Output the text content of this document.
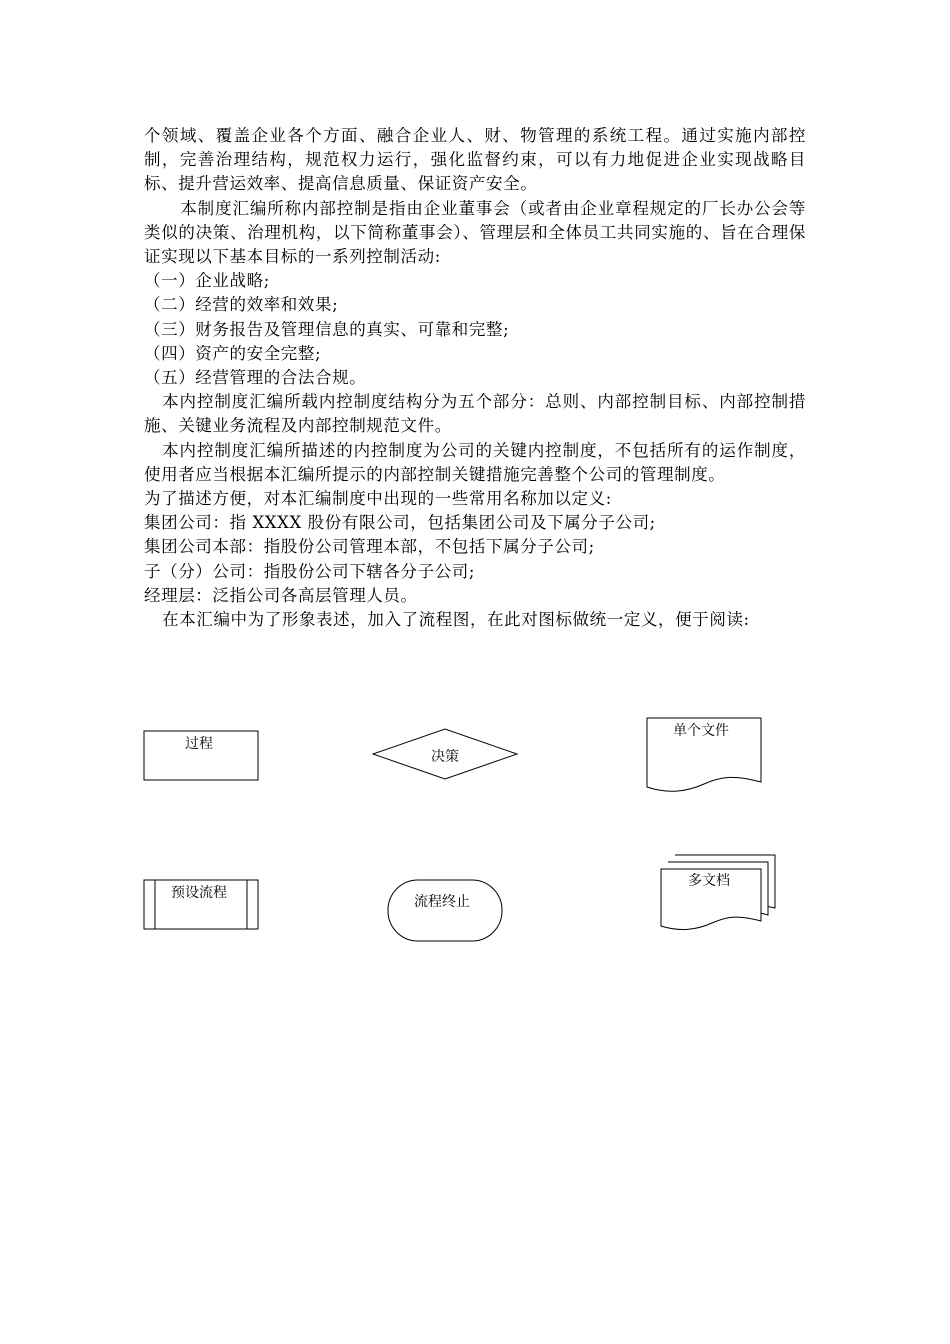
个领域、覆盖企业各个方面、融合企业人、财、物管理的系统工程。通过实施内部控制，完善治理结构，规范权力运行，强化监督约束，可以有力地促进企业实现战略目标、提升营运效率、提高信息质量、保证资产安全。

本制度汇编所称内部控制是指由企业董事会（或者由企业章程规定的厂长办公会等类似的决策、治理机构，以下简称董事会）、管理层和全体员工共同实施的、旨在合理保证实现以下基本目标的一系列控制活动:

（一）企业战略;

（二）经营的效率和效果;

（三）财务报告及管理信息的真实、可靠和完整;

（四）资产的安全完整;

（五）经营管理的合法合规。

本内控制度汇编所载内控制度结构分为五个部分：总则、内部控制目标、内部控制措施、关键业务流程及内部控制规范文件。

本内控制度汇编所描述的内控制度为公司的关键内控制度，不包括所有的运作制度，使用者应当根据本汇编所提示的内部控制关键措施完善整个公司的管理制度。

为了描述方便，对本汇编制度中出现的一些常用名称加以定义:

集团公司：指 XXXX 股份有限公司，包括集团公司及下属分子公司;

集团公司本部：指股份公司管理本部，不包括下属分子公司;

子（分）公司：指股份公司下辖各分子公司;

经理层：泛指公司各高层管理人员。

在本汇编中为了形象表述，加入了流程图，在此对图标做统一定义，便于阅读:

过程
决策
单个文件
预设流程
流程终止
多文档
